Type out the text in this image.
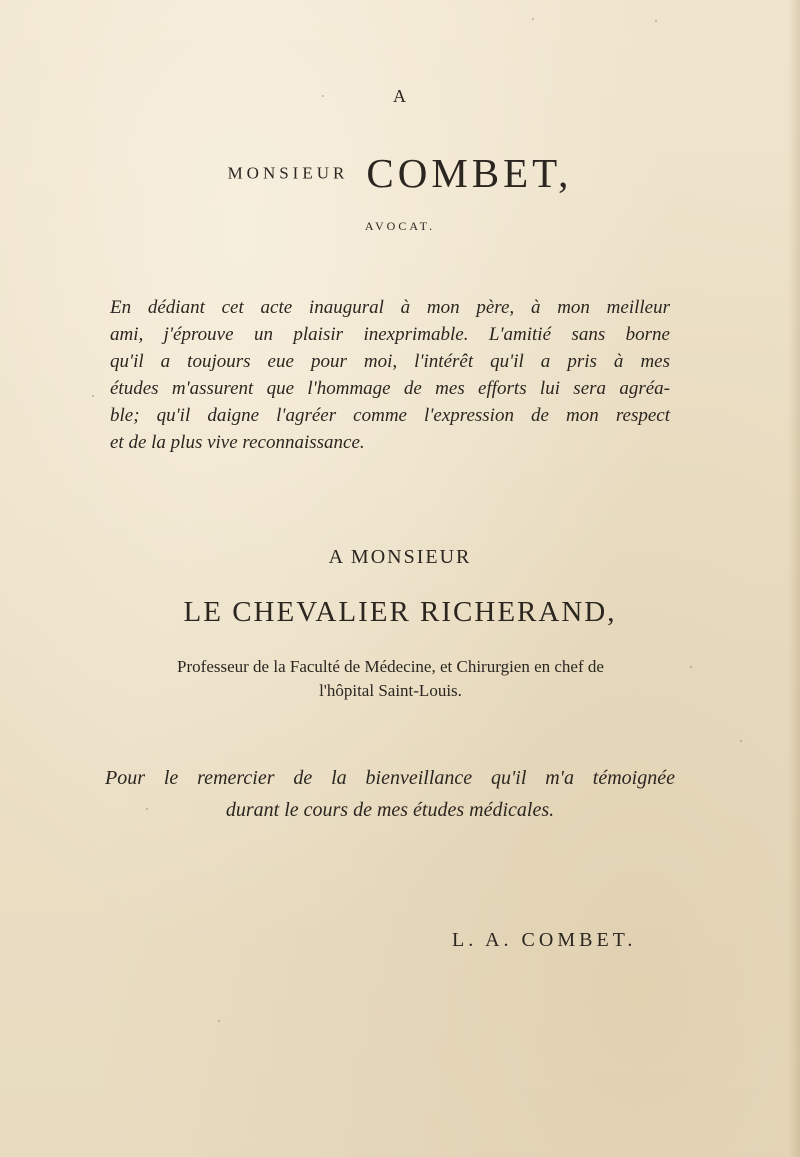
A
MONSIEUR COMBET,
AVOCAT.
En dédiant cet acte inaugural à mon père, à mon meilleur
ami, j'éprouve un plaisir inexprimable. L'amitié sans borne
qu'il a toujours eue pour moi, l'intérêt qu'il a pris à mes
études m'assurent que l'hommage de mes efforts lui sera agréa-
ble; qu'il daigne l'agréer comme l'expression de mon respect
et de la plus vive reconnaissance.
A MONSIEUR
LE CHEVALIER RICHERAND,
Professeur de la Faculté de Médecine, et Chirurgien en chef de
l'hôpital Saint-Louis.
Pour le remercier de la bienveillance qu'il m'a témoignée
durant le cours de mes études médicales.
L. A. COMBET.
